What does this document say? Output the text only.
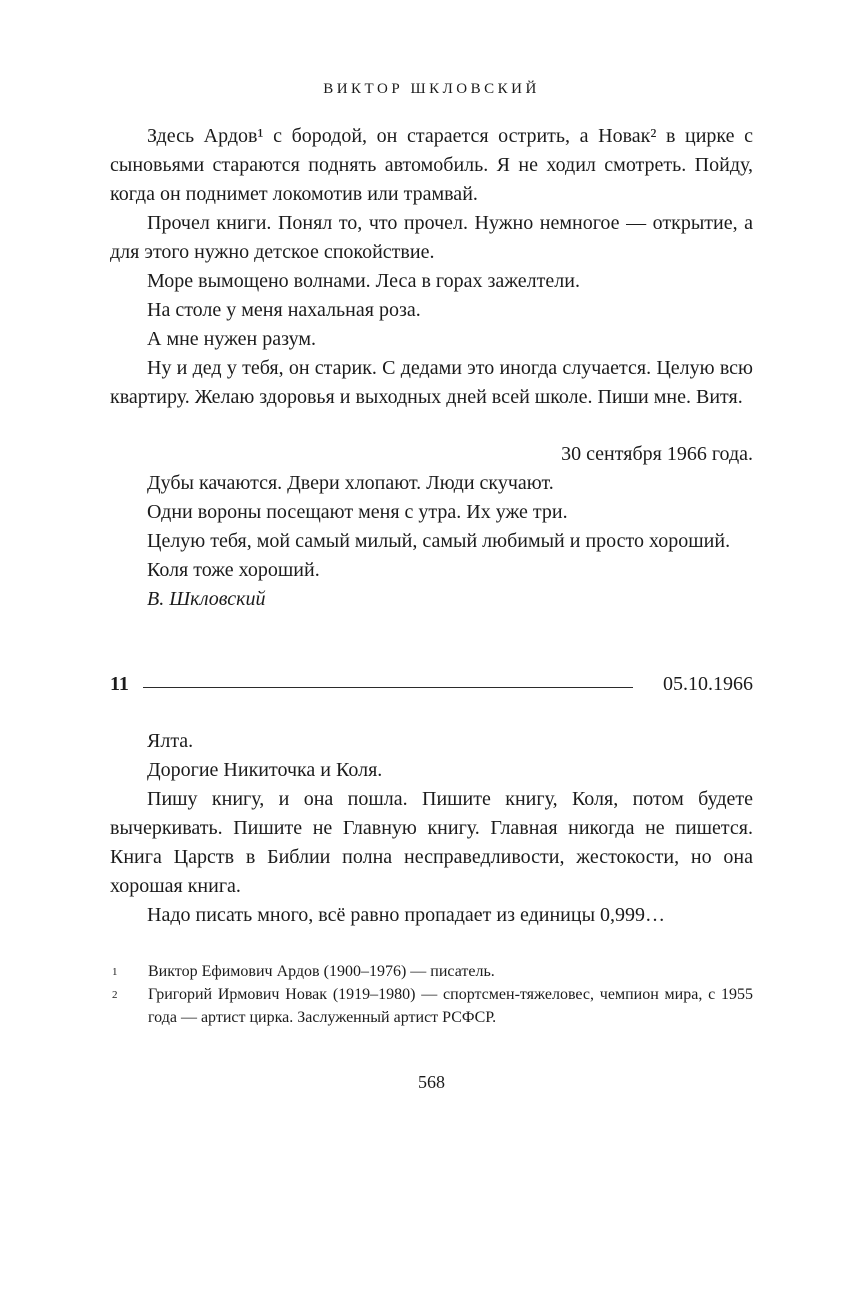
ВИКТОР ШКЛОВСКИЙ

Здесь Ардов¹ с бородой, он старается острить, а Новак² в цирке с сыновьями стараются поднять автомобиль. Я не ходил смотреть. Пойду, когда он поднимет локомотив или трамвай.

Прочел книги. Понял то, что прочел. Нужно немногое — открытие, а для этого нужно детское спокойствие.

Море вымощено волнами. Леса в горах зажелтели.

На столе у меня нахальная роза.

А мне нужен разум.

Ну и дед у тебя, он старик. С дедами это иногда случается. Целую всю квартиру. Желаю здоровья и выходных дней всей школе. Пиши мне. Витя.

30 сентября 1966 года.

Дубы качаются. Двери хлопают. Люди скучают.

Одни вороны посещают меня с утра. Их уже три.

Целую тебя, мой самый милый, самый любимый и просто хороший.

Коля тоже хороший.

В. Шкловский

11	05.10.1966

Ялта.

Дорогие Никиточка и Коля.

Пишу книгу, и она пошла. Пишите книгу, Коля, потом будете вычеркивать. Пишите не Главную книгу. Главная никогда не пишется. Книга Царств в Библии полна несправедливости, жестокости, но она хорошая книга.

Надо писать много, всё равно пропадает из единицы 0,999…

1 Виктор Ефимович Ардов (1900–1976) — писатель.
2 Григорий Ирмович Новак (1919–1980) — спортсмен-тяжеловес, чемпион мира, с 1955 года — артист цирка. Заслуженный артист РСФСР.
568
